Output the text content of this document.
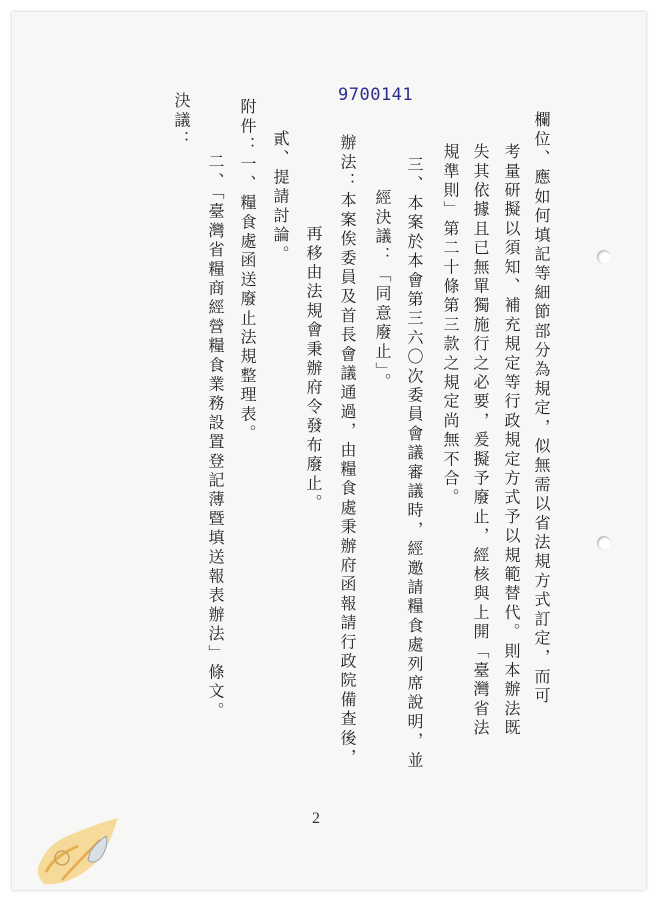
9700141
欄位、應如何填記等細節部分為規定，似無需以省法規方式訂定，而可
考量研擬以須知、補充規定等行政規定方式予以規範替代。則本辦法既
失其依據且已無單獨施行之必要，爰擬予廢止，經核與上開「臺灣省法
規準則」第二十條第三款之規定尚無不合。
三、本案於本會第三六〇次委員會議審議時，經邀請糧食處列席說明，並
經決議：「同意廢止」。
辦法：本案俟委員及首長會議通過，由糧食處秉辦府函報請行政院備查後，
再移由法規會秉辦府令發布廢止。
貳、提請討論。
附件：一、糧食處函送廢止法規整理表。
二、「臺灣省糧商經營糧食業務設置登記薄暨填送報表辦法」條文。
決議：
2
